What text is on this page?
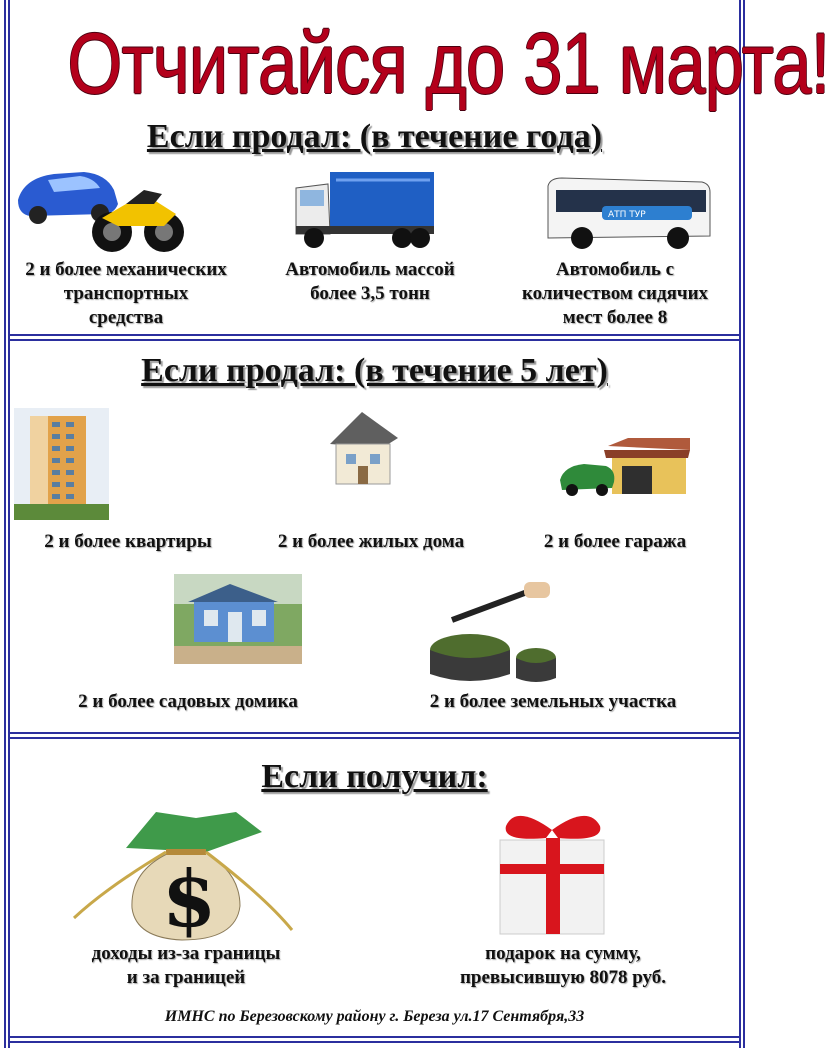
Отчитайся до 31 марта!
Если продал: (в течение года)
АТП ТУР
2 и более механических
транспортных
средства
Автомобиль массой
более 3,5 тонн
Автомобиль с
количеством сидячих
мест более 8
Если продал: (в течение 5 лет)
2 и более квартиры	2 и более жилых дома	2 и более гаража
2 и более садовых домика	2 и более земельных участка
Если получил:
$
доходы из-за границы
и за границей
подарок на сумму,
превысившую 8078 руб.
ИМНС по Березовскому району г. Береза ул.17 Сентября,33
